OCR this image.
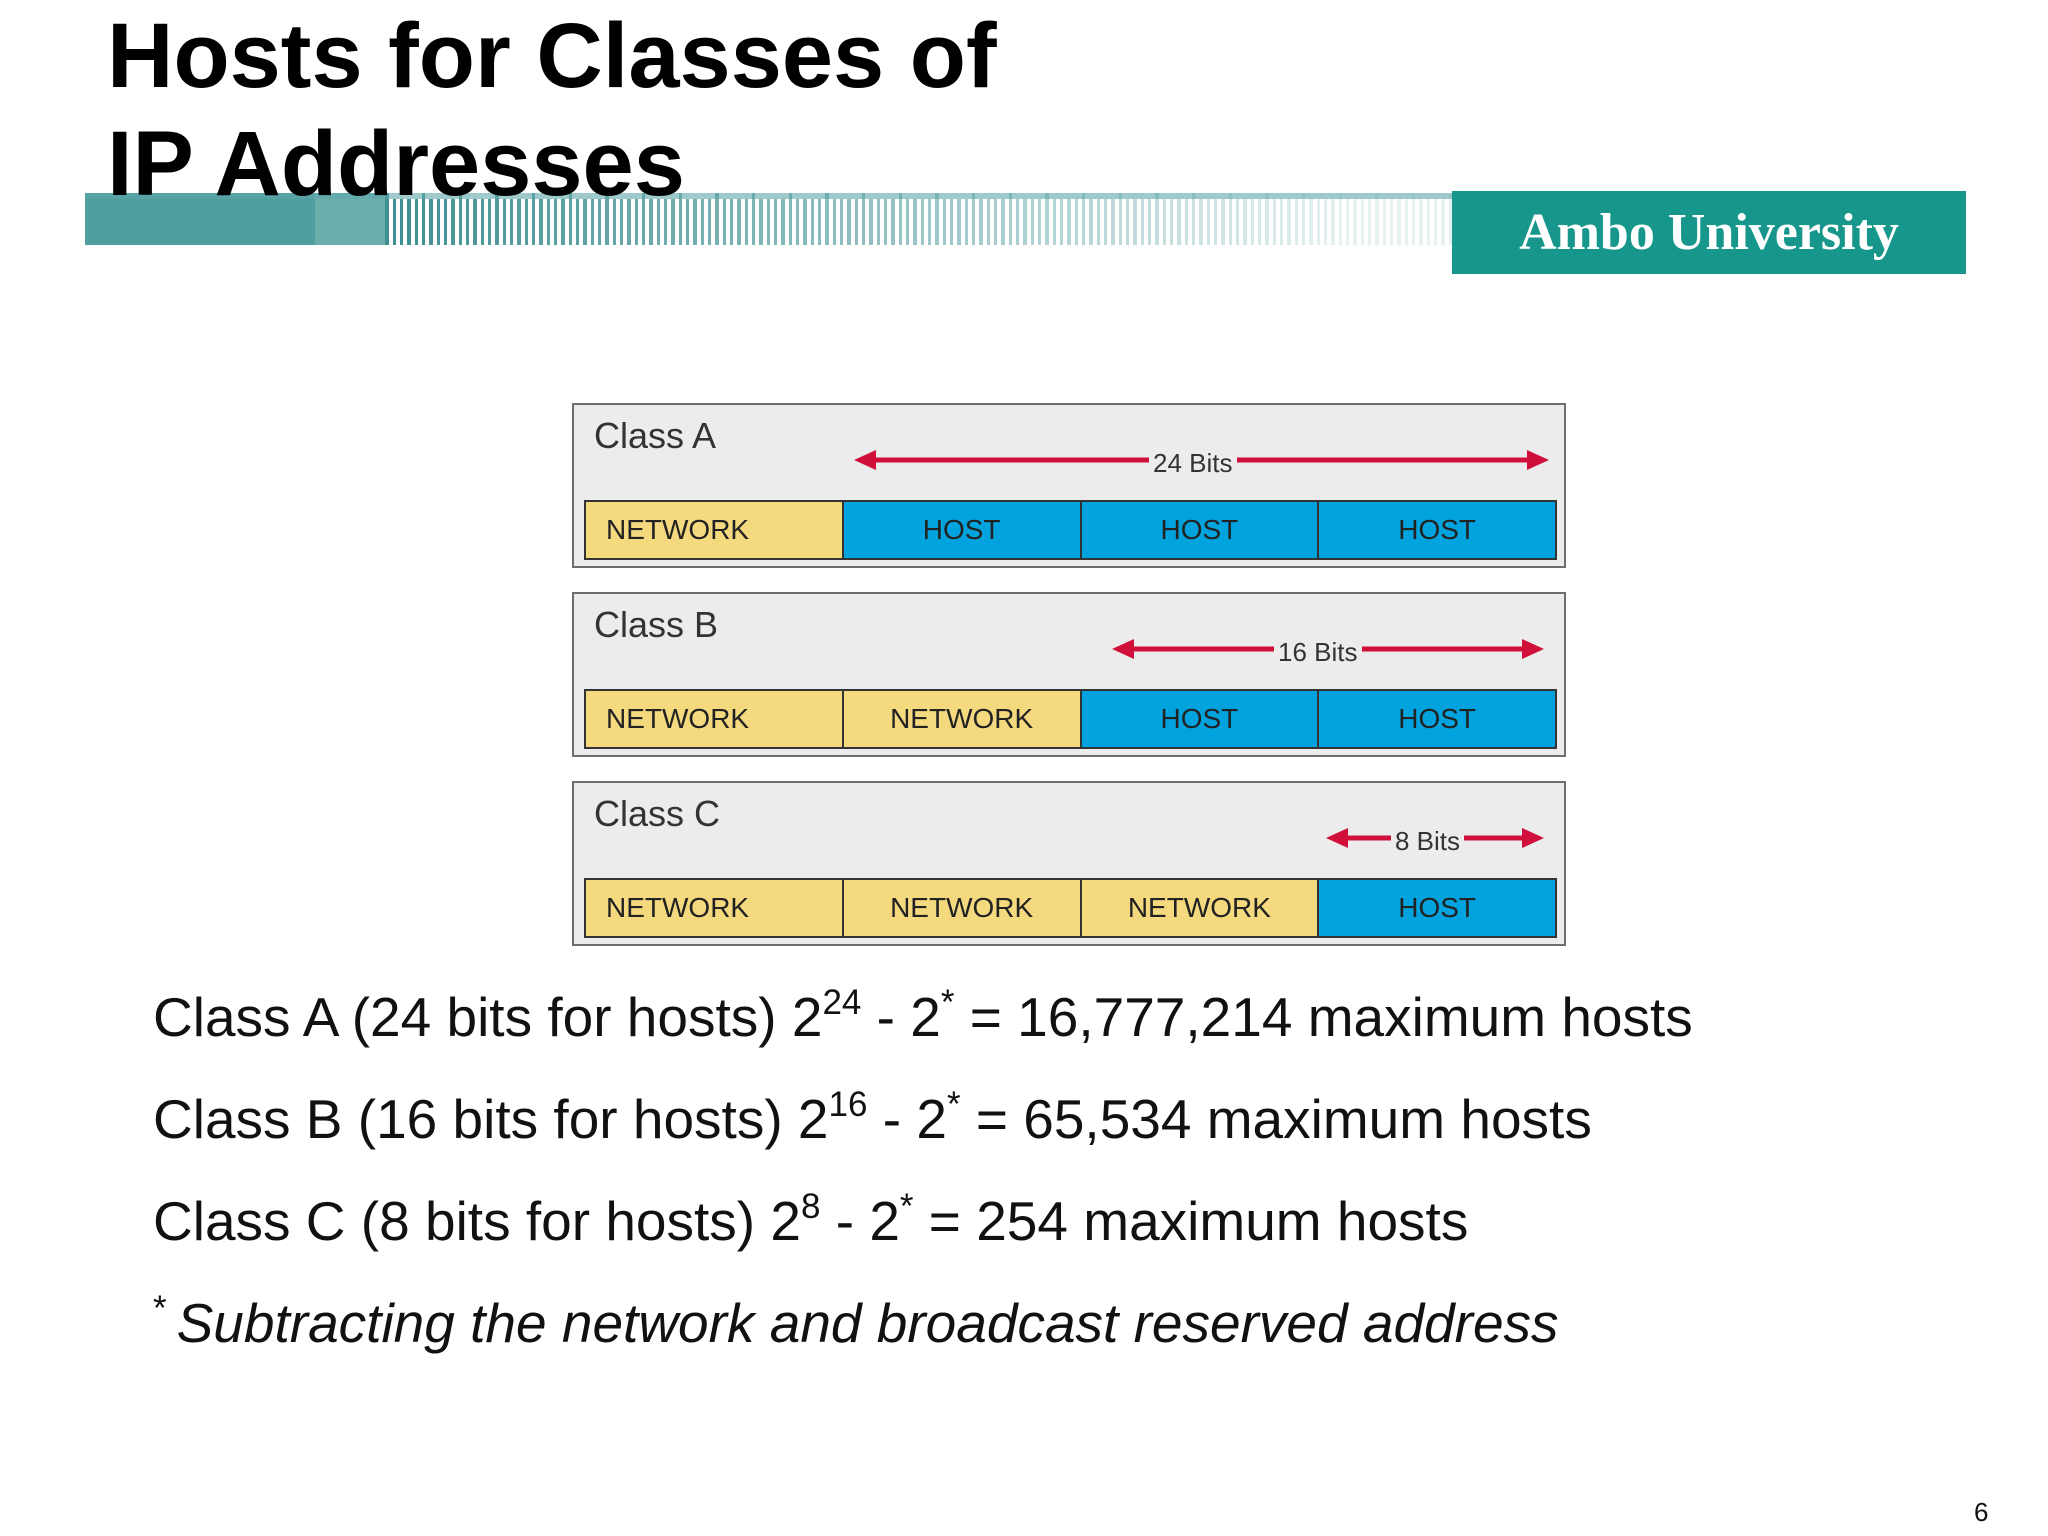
Hosts for Classes of
IP Addresses
Ambo University
Class A
24 Bits
NETWORK	HOST	HOST	HOST
Class B
16 Bits
NETWORK	NETWORK	HOST	HOST
Class C
8 Bits
NETWORK	NETWORK	NETWORK	HOST
Class A (24 bits for hosts) $2^{24} - 2^* = 16,777,214$ maximum hosts
Class B (16 bits for hosts) $2^{16} - 2^* = 65,534$ maximum hosts
Class C (8 bits for hosts) $2^8 - 2^* = 254$ maximum hosts
* Subtracting the network and broadcast reserved address
6
